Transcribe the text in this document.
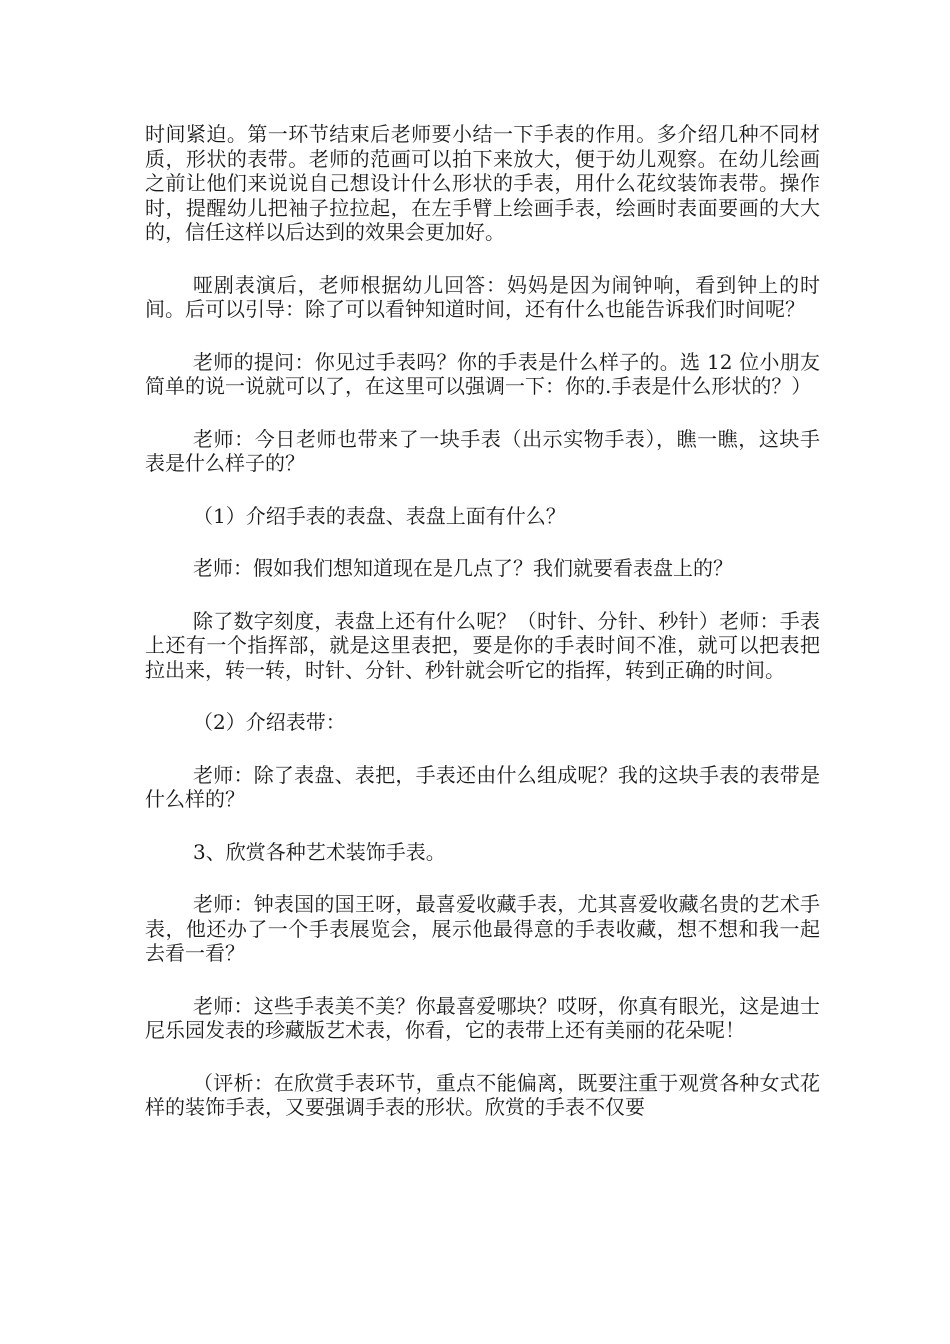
时间紧迫。第一环节结束后老师要小结一下手表的作用。多介绍几种不同材质，形状的表带。老师的范画可以拍下来放大，便于幼儿观察。在幼儿绘画之前让他们来说说自己想设计什么形状的手表，用什么花纹装饰表带。操作时，提醒幼儿把袖子拉拉起，在左手臂上绘画手表，绘画时表面要画的大大的，信任这样以后达到的效果会更加好。

哑剧表演后，老师根据幼儿回答：妈妈是因为闹钟响，看到钟上的时间。后可以引导：除了可以看钟知道时间，还有什么也能告诉我们时间呢？

老师的提问：你见过手表吗？你的手表是什么样子的。选 12 位小朋友简单的说一说就可以了，在这里可以强调一下：你的.手表是什么形状的？）

老师：今日老师也带来了一块手表（出示实物手表），瞧一瞧，这块手表是什么样子的？

（1）介绍手表的表盘、表盘上面有什么？

老师：假如我们想知道现在是几点了？我们就要看表盘上的？

除了数字刻度，表盘上还有什么呢？（时针、分针、秒针）老师：手表上还有一个指挥部，就是这里表把，要是你的手表时间不准，就可以把表把拉出来，转一转，时针、分针、秒针就会听它的指挥，转到正确的时间。

（2）介绍表带：

老师：除了表盘、表把，手表还由什么组成呢？我的这块手表的表带是什么样的？

3、欣赏各种艺术装饰手表。

老师：钟表国的国王呀，最喜爱收藏手表，尤其喜爱收藏名贵的艺术手表，他还办了一个手表展览会，展示他最得意的手表收藏，想不想和我一起去看一看？

老师：这些手表美不美？你最喜爱哪块？哎呀，你真有眼光，这是迪士尼乐园发表的珍藏版艺术表，你看，它的表带上还有美丽的花朵呢！

（评析：在欣赏手表环节，重点不能偏离，既要注重于观赏各种女式花样的装饰手表，又要强调手表的形状。欣赏的手表不仅要
